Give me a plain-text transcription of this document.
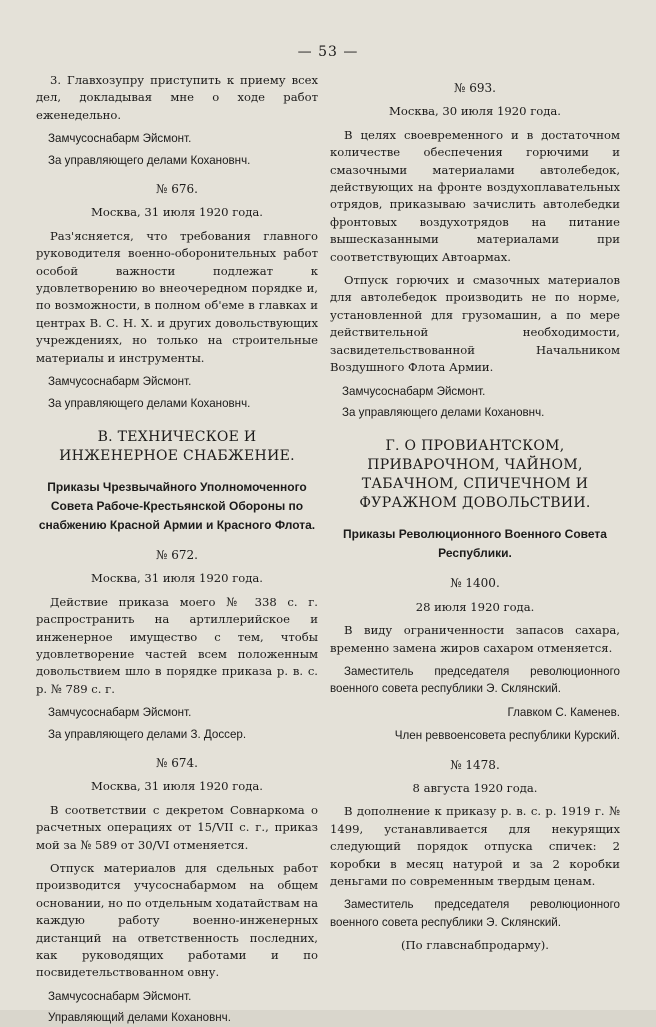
— 53 —

3. Главхозупру приступить к приему всех дел, докладывая мне о ходе работ еженедельно.

Замчусоснабарм Эйсмонт.

За управляющего делами Кохановнч.

№ 676.

Москва, 31 июля 1920 года.

Раз'ясняется, что требования главного руководителя военно-оборонительных работ особой важности подлежат к удовлетворению во внеочередном порядке и, по возможности, в полном об'еме в главках и центрах В. С. Н. Х. и других довольствующих учреждениях, но только на строительные материалы и инструменты.

Замчусоснабарм Эйсмонт.

За управляющего делами Кохановнч.

В. ТЕХНИЧЕСКОЕ И ИНЖЕНЕРНОЕ СНАБЖЕНИЕ.

Приказы Чрезвычайного Уполномоченного Совета Рабоче-Крестьянской Обороны по снабжению Красной Армии и Красного Флота.

№ 672.

Москва, 31 июля 1920 года.

Действие приказа моего № 338 с. г. распространить на артиллерийское и инженерное имущество с тем, чтобы удовлетворение частей всем положенным довольствием шло в порядке приказа р. в. с. р. № 789 с. г.

Замчусоснабарм Эйсмонт.

За управляющего делами З. Доссер.

№ 674.

Москва, 31 июля 1920 года.

В соответствии с декретом Совнаркома о расчетных операциях от 15/VII с. г., приказ мой за № 589 от 30/VI отменяется.

Отпуск материалов для сдельных работ производится учусоснабармом на общем основании, но по отдельным ходатайствам на каждую работу военно-инженерных дистанций на ответственность последних, как руководящих работами и по посвидетельствованном овну.

Замчусоснабарм Эйсмонт.

Управляющий делами Кохановнч.

№ 693.

Москва, 30 июля 1920 года.

В целях своевременного и в достаточном количестве обеспечения горючими и смазочными материалами автолебедок, действующих на фронте воздухоплавательных отрядов, приказываю зачислить автолебедки фронтовых воздухотрядов на питание вышесказанными материалами при соответствующих Автоармах.

Отпуск горючих и смазочных материалов для автолебедок производить не по норме, установленной для грузомашин, а по мере действительной необходимости, засвидетельствованной Начальником Воздушного Флота Армии.

Замчусоснабарм Эйсмонт.

За управляющего делами Кохановнч.

Г. О ПРОВИАНТСКОМ, ПРИВАРОЧНОМ, ЧАЙНОМ, ТАБАЧНОМ, СПИЧЕЧНОМ И ФУРАЖНОМ ДОВОЛЬСТВИИ.

Приказы Революционного Военного Совета Республики.

№ 1400.

28 июля 1920 года.

В виду ограниченности запасов сахара, временно замена жиров сахаром отменяется.

Заместитель председателя революционного военного совета республики Э. Склянский.

Главком С. Каменев.

Член реввоенсовета республики Курский.

№ 1478.

8 августа 1920 года.

В дополнение к приказу р. в. с. р. 1919 г. № 1499, устанавливается для некурящих следующий порядок отпуска спичек: 2 коробки в месяц натурой и за 2 коробки деньгами по современным твердым ценам.

Заместитель председателя революционного военного совета республики Э. Склянский.

(По главснабпродарму).
